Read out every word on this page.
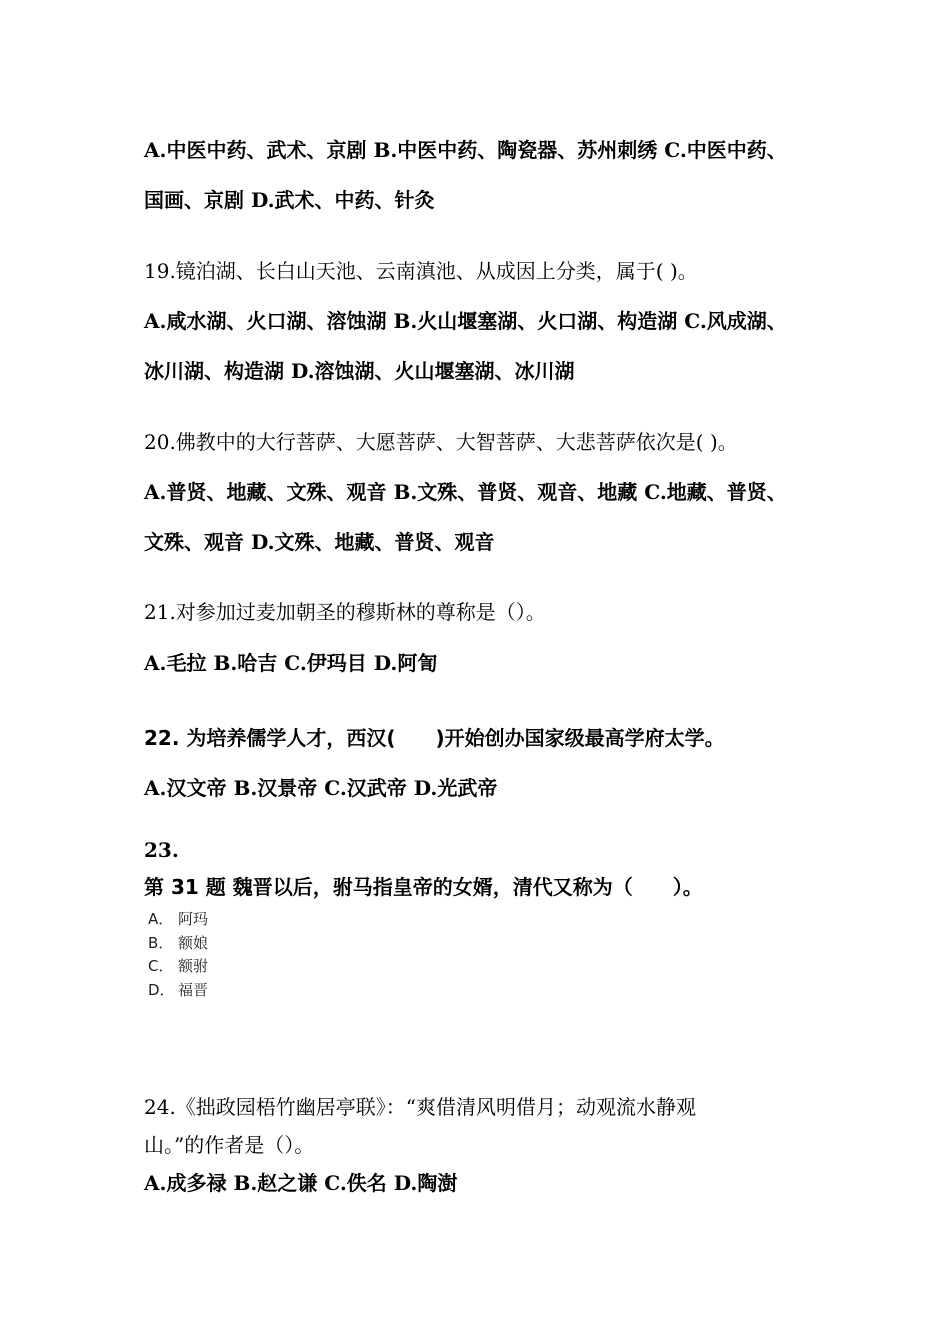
A.中医中药、武术、京剧 B.中医中药、陶瓷器、苏州刺绣 C.中医中药、
国画、京剧 D.武术、中药、针灸
19.镜泊湖、长白山天池、云南滇池、从成因上分类，属于( )。
A.咸水湖、火口湖、溶蚀湖 B.火山堰塞湖、火口湖、构造湖 C.风成湖、
冰川湖、构造湖 D.溶蚀湖、火山堰塞湖、冰川湖
20.佛教中的大行菩萨、大愿菩萨、大智菩萨、大悲菩萨依次是( )。
A.普贤、地藏、文殊、观音 B.文殊、普贤、观音、地藏 C.地藏、普贤、
文殊、观音 D.文殊、地藏、普贤、观音
21.对参加过麦加朝圣的穆斯林的尊称是（）。
A.毛拉 B.哈吉 C.伊玛目 D.阿訇
22. 为培养儒学人才，西汉(　　)开始创办国家级最高学府太学。
A.汉文帝 B.汉景帝 C.汉武帝 D.光武帝
23.
第 31 题 魏晋以后，驸马指皇帝的女婿，清代又称为（　　）。
A． 阿玛
B． 额娘
C． 额驸
D． 福晋
24.《拙政园梧竹幽居亭联》：“爽借清风明借月；动观流水静观
山。”的作者是（）。
A.成多禄 B.赵之谦 C.佚名 D.陶澍
